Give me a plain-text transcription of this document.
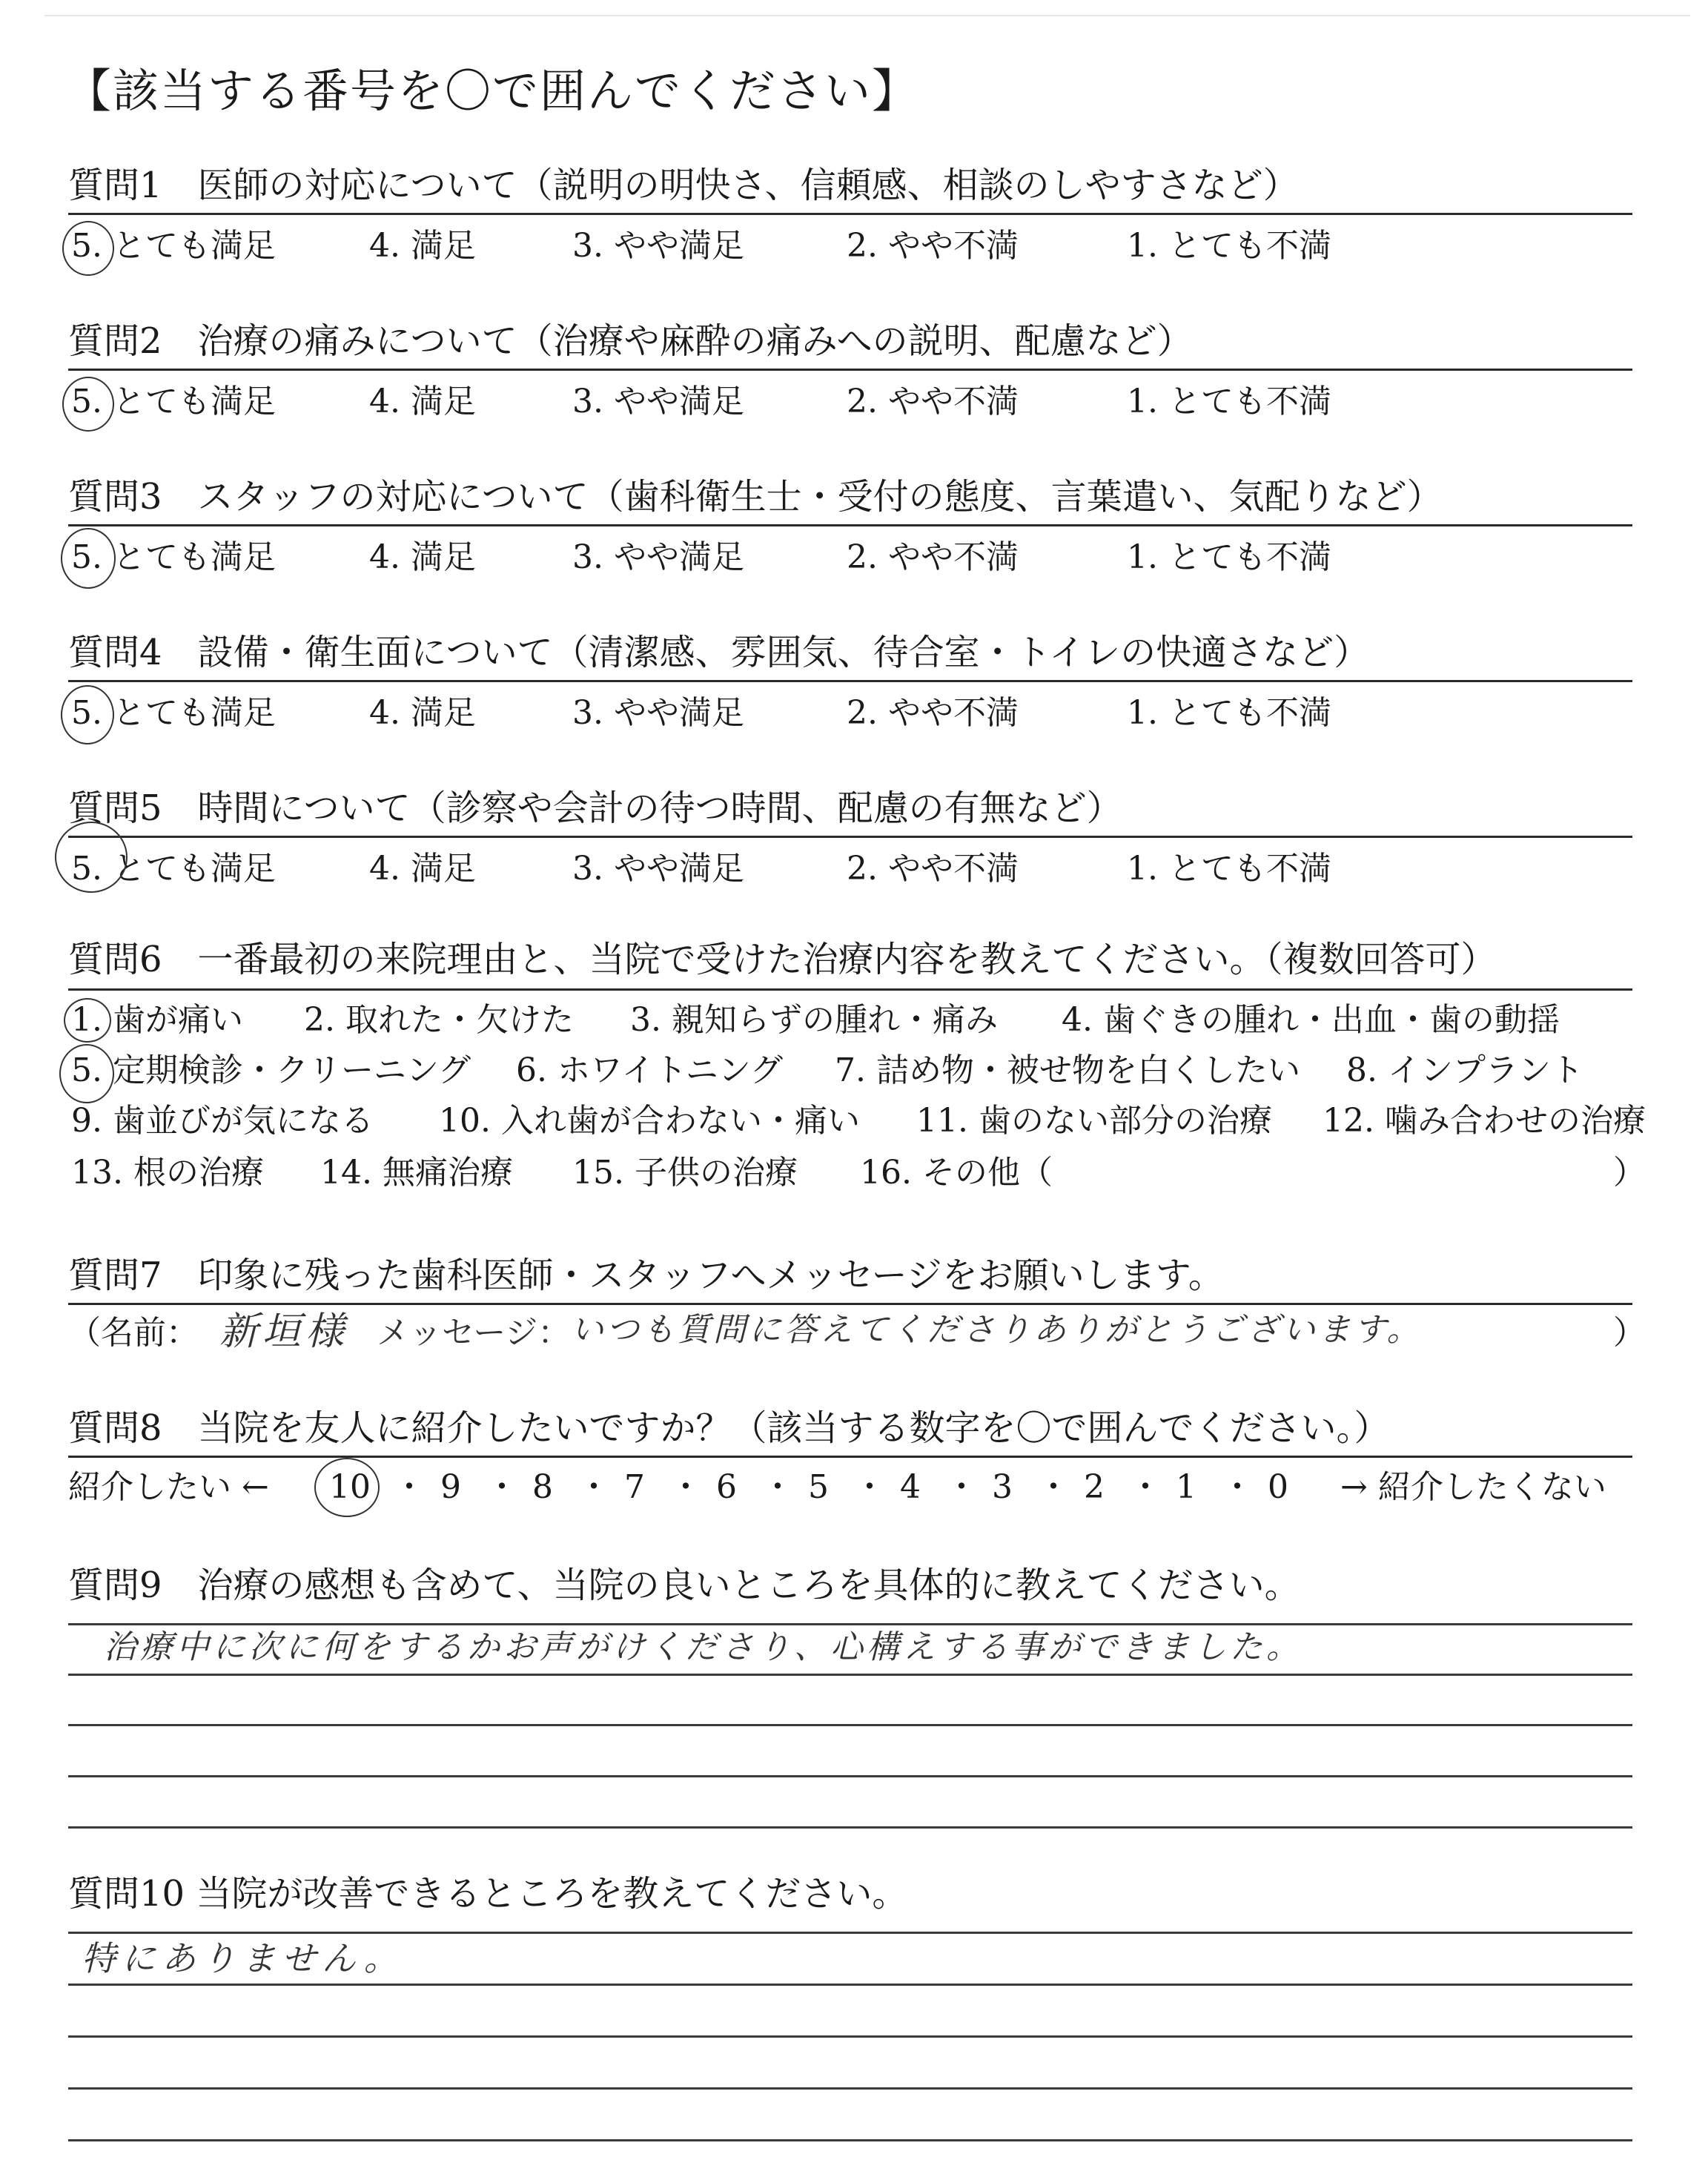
【該当する番号を〇で囲んでください】
質問1　医師の対応について（説明の明快さ、信頼感、相談のしやすさなど）
5. とても満足	4. 満足	3. やや満足	2. やや不満	1. とても不満
質問2　治療の痛みについて（治療や麻酔の痛みへの説明、配慮など）
5. とても満足	4. 満足	3. やや満足	2. やや不満	1. とても不満
質問3　スタッフの対応について（歯科衛生士・受付の態度、言葉遣い、気配りなど）
5. とても満足	4. 満足	3. やや満足	2. やや不満	1. とても不満
質問4　設備・衛生面について（清潔感、雰囲気、待合室・トイレの快適さなど）
5. とても満足	4. 満足	3. やや満足	2. やや不満	1. とても不満
質問5　時間について（診察や会計の待つ時間、配慮の有無など）
5. とても満足	4. 満足	3. やや満足	2. やや不満	1. とても不満
質問6　一番最初の来院理由と、当院で受けた治療内容を教えてください。（複数回答可）
1. 歯が痛い 2. 取れた・欠けた 3. 親知らずの腫れ・痛み 4. 歯ぐきの腫れ・出血・歯の動揺
5. 定期検診・クリーニング 6. ホワイトニング 7. 詰め物・被せ物を白くしたい 8. インプラント
9. 歯並びが気になる 10. 入れ歯が合わない・痛い 11. 歯のない部分の治療 12. 噛み合わせの治療
13. 根の治療 14. 無痛治療 15. 子供の治療 16. その他（	）
質問7　印象に残った歯科医師・スタッフへメッセージをお願いします。
（名前： 新垣様 メッセージ： いつも質問に答えてくださりありがとうございます。	）
質問8　当院を友人に紹介したいですか？（該当する数字を〇で囲んでください。）
紹介したい ← 10 ・ 9 ・ 8 ・ 7 ・ 6 ・ 5 ・ 4 ・ 3 ・ 2 ・ 1 ・ 0 → 紹介したくない
質問9　治療の感想も含めて、当院の良いところを具体的に教えてください。
治療中に次に何をするかお声がけくださり、心構えする事ができました。
質問10 当院が改善できるところを教えてください。
特にありません。
